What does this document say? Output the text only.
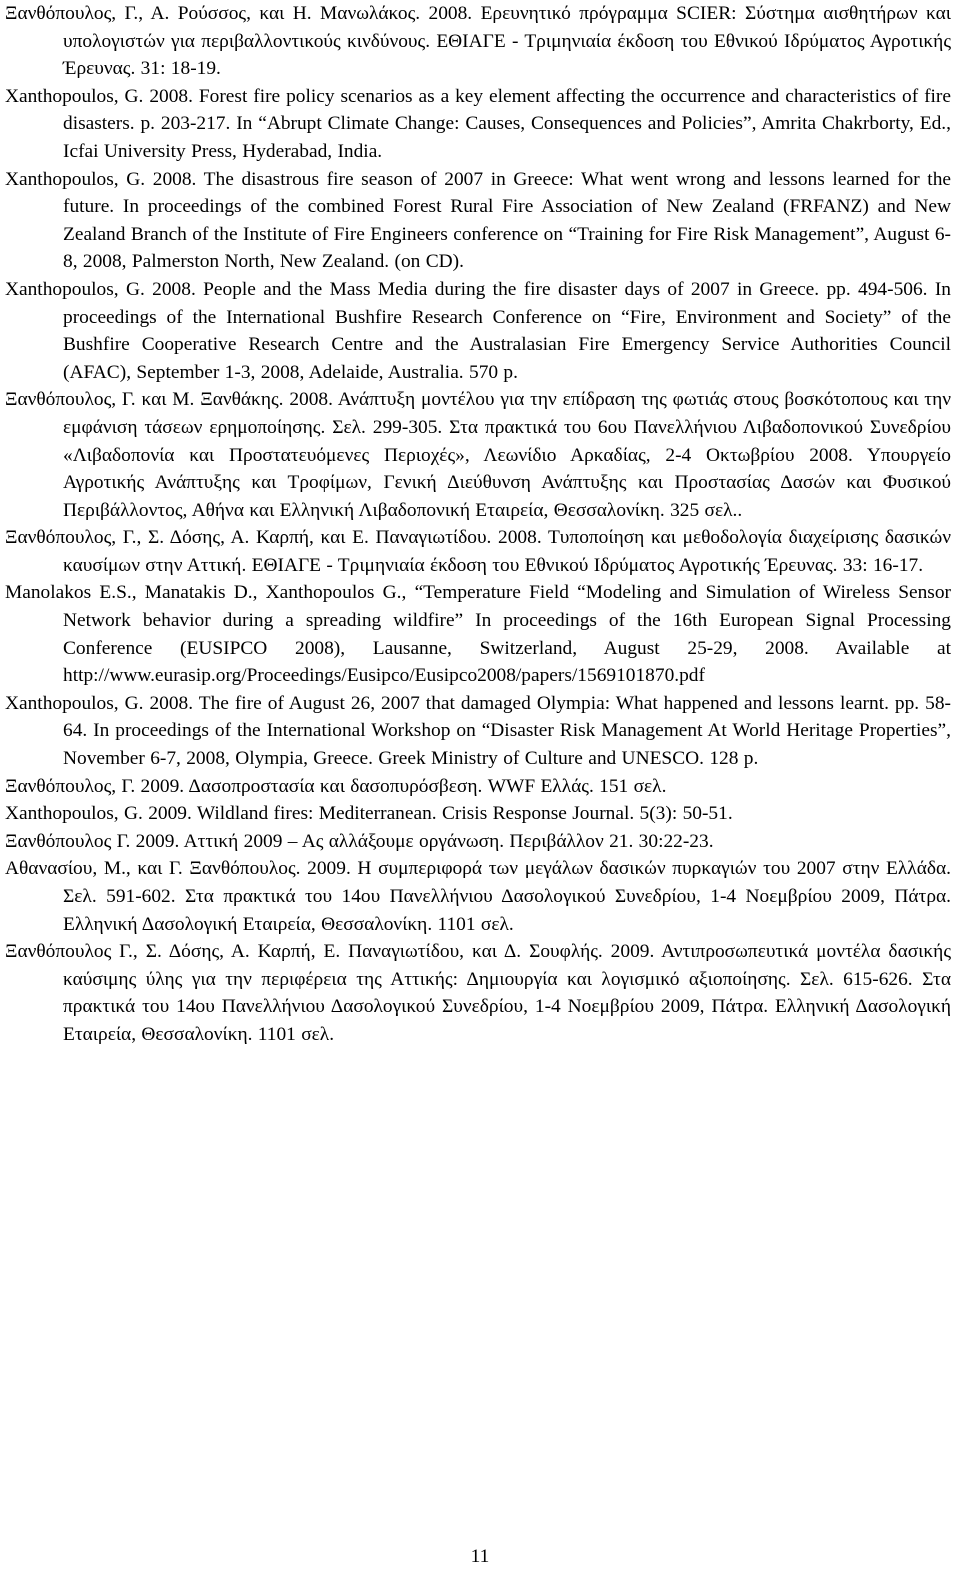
Ξανθόπουλος, Γ., Α. Ρούσσος, και Η. Μανωλάκος. 2008. Ερευνητικό πρόγραμμα SCIER: Σύστημα αισθητήρων και υπολογιστών για περιβαλλοντικούς κινδύνους. ΕΘΙΑΓΕ - Τριμηνιαία έκδοση του Εθνικού Ιδρύματος Αγροτικής Έρευνας. 31: 18-19.
Xanthopoulos, G. 2008. Forest fire policy scenarios as a key element affecting the occurrence and characteristics of fire disasters. p. 203-217. In “Abrupt Climate Change: Causes, Consequences and Policies”, Amrita Chakrborty, Ed., Icfai University Press, Hyderabad, India.
Xanthopoulos, G. 2008. The disastrous fire season of 2007 in Greece: What went wrong and lessons learned for the future. In proceedings of the combined Forest Rural Fire Association of New Zealand (FRFANZ) and New Zealand Branch of the Institute of Fire Engineers conference on “Training for Fire Risk Management”, August 6-8, 2008, Palmerston North, New Zealand. (on CD).
Xanthopoulos, G. 2008. People and the Mass Media during the fire disaster days of 2007 in Greece. pp. 494-506. In proceedings of the International Bushfire Research Conference on “Fire, Environment and Society” of the Bushfire Cooperative Research Centre and the Australasian Fire Emergency Service Authorities Council (AFAC), September 1-3, 2008, Adelaide, Australia. 570 p.
Ξανθόπουλος, Γ. και Μ. Ξανθάκης. 2008. Ανάπτυξη μοντέλου για την επίδραση της φωτιάς στους βοσκότοπους και την εμφάνιση τάσεων ερημοποίησης. Σελ. 299-305. Στα πρακτικά του 6ου Πανελλήνιου Λιβαδοπονικού Συνεδρίου «Λιβαδοπονία και Προστατευόμενες Περιοχές», Λεωνίδιο Αρκαδίας, 2-4 Οκτωβρίου 2008. Υπουργείο Αγροτικής Ανάπτυξης και Τροφίμων, Γενική Διεύθυνση Ανάπτυξης και Προστασίας Δασών και Φυσικού Περιβάλλοντος, Αθήνα και Ελληνική Λιβαδοπονική Εταιρεία, Θεσσαλονίκη. 325 σελ..
Ξανθόπουλος, Γ., Σ. Δόσης, Α. Καρπή, και Ε. Παναγιωτίδου. 2008. Τυποποίηση και μεθοδολογία διαχείρισης δασικών καυσίμων στην Αττική. ΕΘΙΑΓΕ - Τριμηνιαία έκδοση του Εθνικού Ιδρύματος Αγροτικής Έρευνας. 33: 16-17.
Manolakos E.S., Manatakis D., Xanthopoulos G., “Temperature Field “Modeling and Simulation of Wireless Sensor Network behavior during a spreading wildfire” In proceedings of the 16th European Signal Processing Conference (EUSIPCO 2008), Lausanne, Switzerland, August 25-29, 2008. Available at http://www.eurasip.org/Proceedings/Eusipco/Eusipco2008/papers/1569101870.pdf
Xanthopoulos, G. 2008. The fire of August 26, 2007 that damaged Olympia: What happened and lessons learnt. pp. 58-64. In proceedings of the International Workshop on “Disaster Risk Management At World Heritage Properties”, November 6-7, 2008, Olympia, Greece. Greek Ministry of Culture and UNESCO. 128 p.
Ξανθόπουλος, Γ. 2009. Δασοπροστασία και δασοπυρόσβεση. WWF Ελλάς. 151 σελ.
Xanthopoulos, G. 2009. Wildland fires: Mediterranean. Crisis Response Journal. 5(3): 50-51.
Ξανθόπουλος Γ. 2009. Αττική 2009 – Ας αλλάξουμε οργάνωση. Περιβάλλον 21. 30:22-23.
Αθανασίου, Μ., και Γ. Ξανθόπουλος. 2009. Η συμπεριφορά των μεγάλων δασικών πυρκαγιών του 2007 στην Ελλάδα. Σελ. 591-602. Στα πρακτικά του 14ου Πανελλήνιου Δασολογικού Συνεδρίου, 1-4 Νοεμβρίου 2009, Πάτρα. Ελληνική Δασολογική Εταιρεία, Θεσσαλονίκη. 1101 σελ.
Ξανθόπουλος Γ., Σ. Δόσης, Α. Καρπή, Ε. Παναγιωτίδου, και Δ. Σουφλής. 2009. Αντιπροσωπευτικά μοντέλα δασικής καύσιμης ύλης για την περιφέρεια της Αττικής: Δημιουργία και λογισμικό αξιοποίησης. Σελ. 615-626. Στα πρακτικά του 14ου Πανελλήνιου Δασολογικού Συνεδρίου, 1-4 Νοεμβρίου 2009, Πάτρα. Ελληνική Δασολογική Εταιρεία, Θεσσαλονίκη. 1101 σελ.
11
